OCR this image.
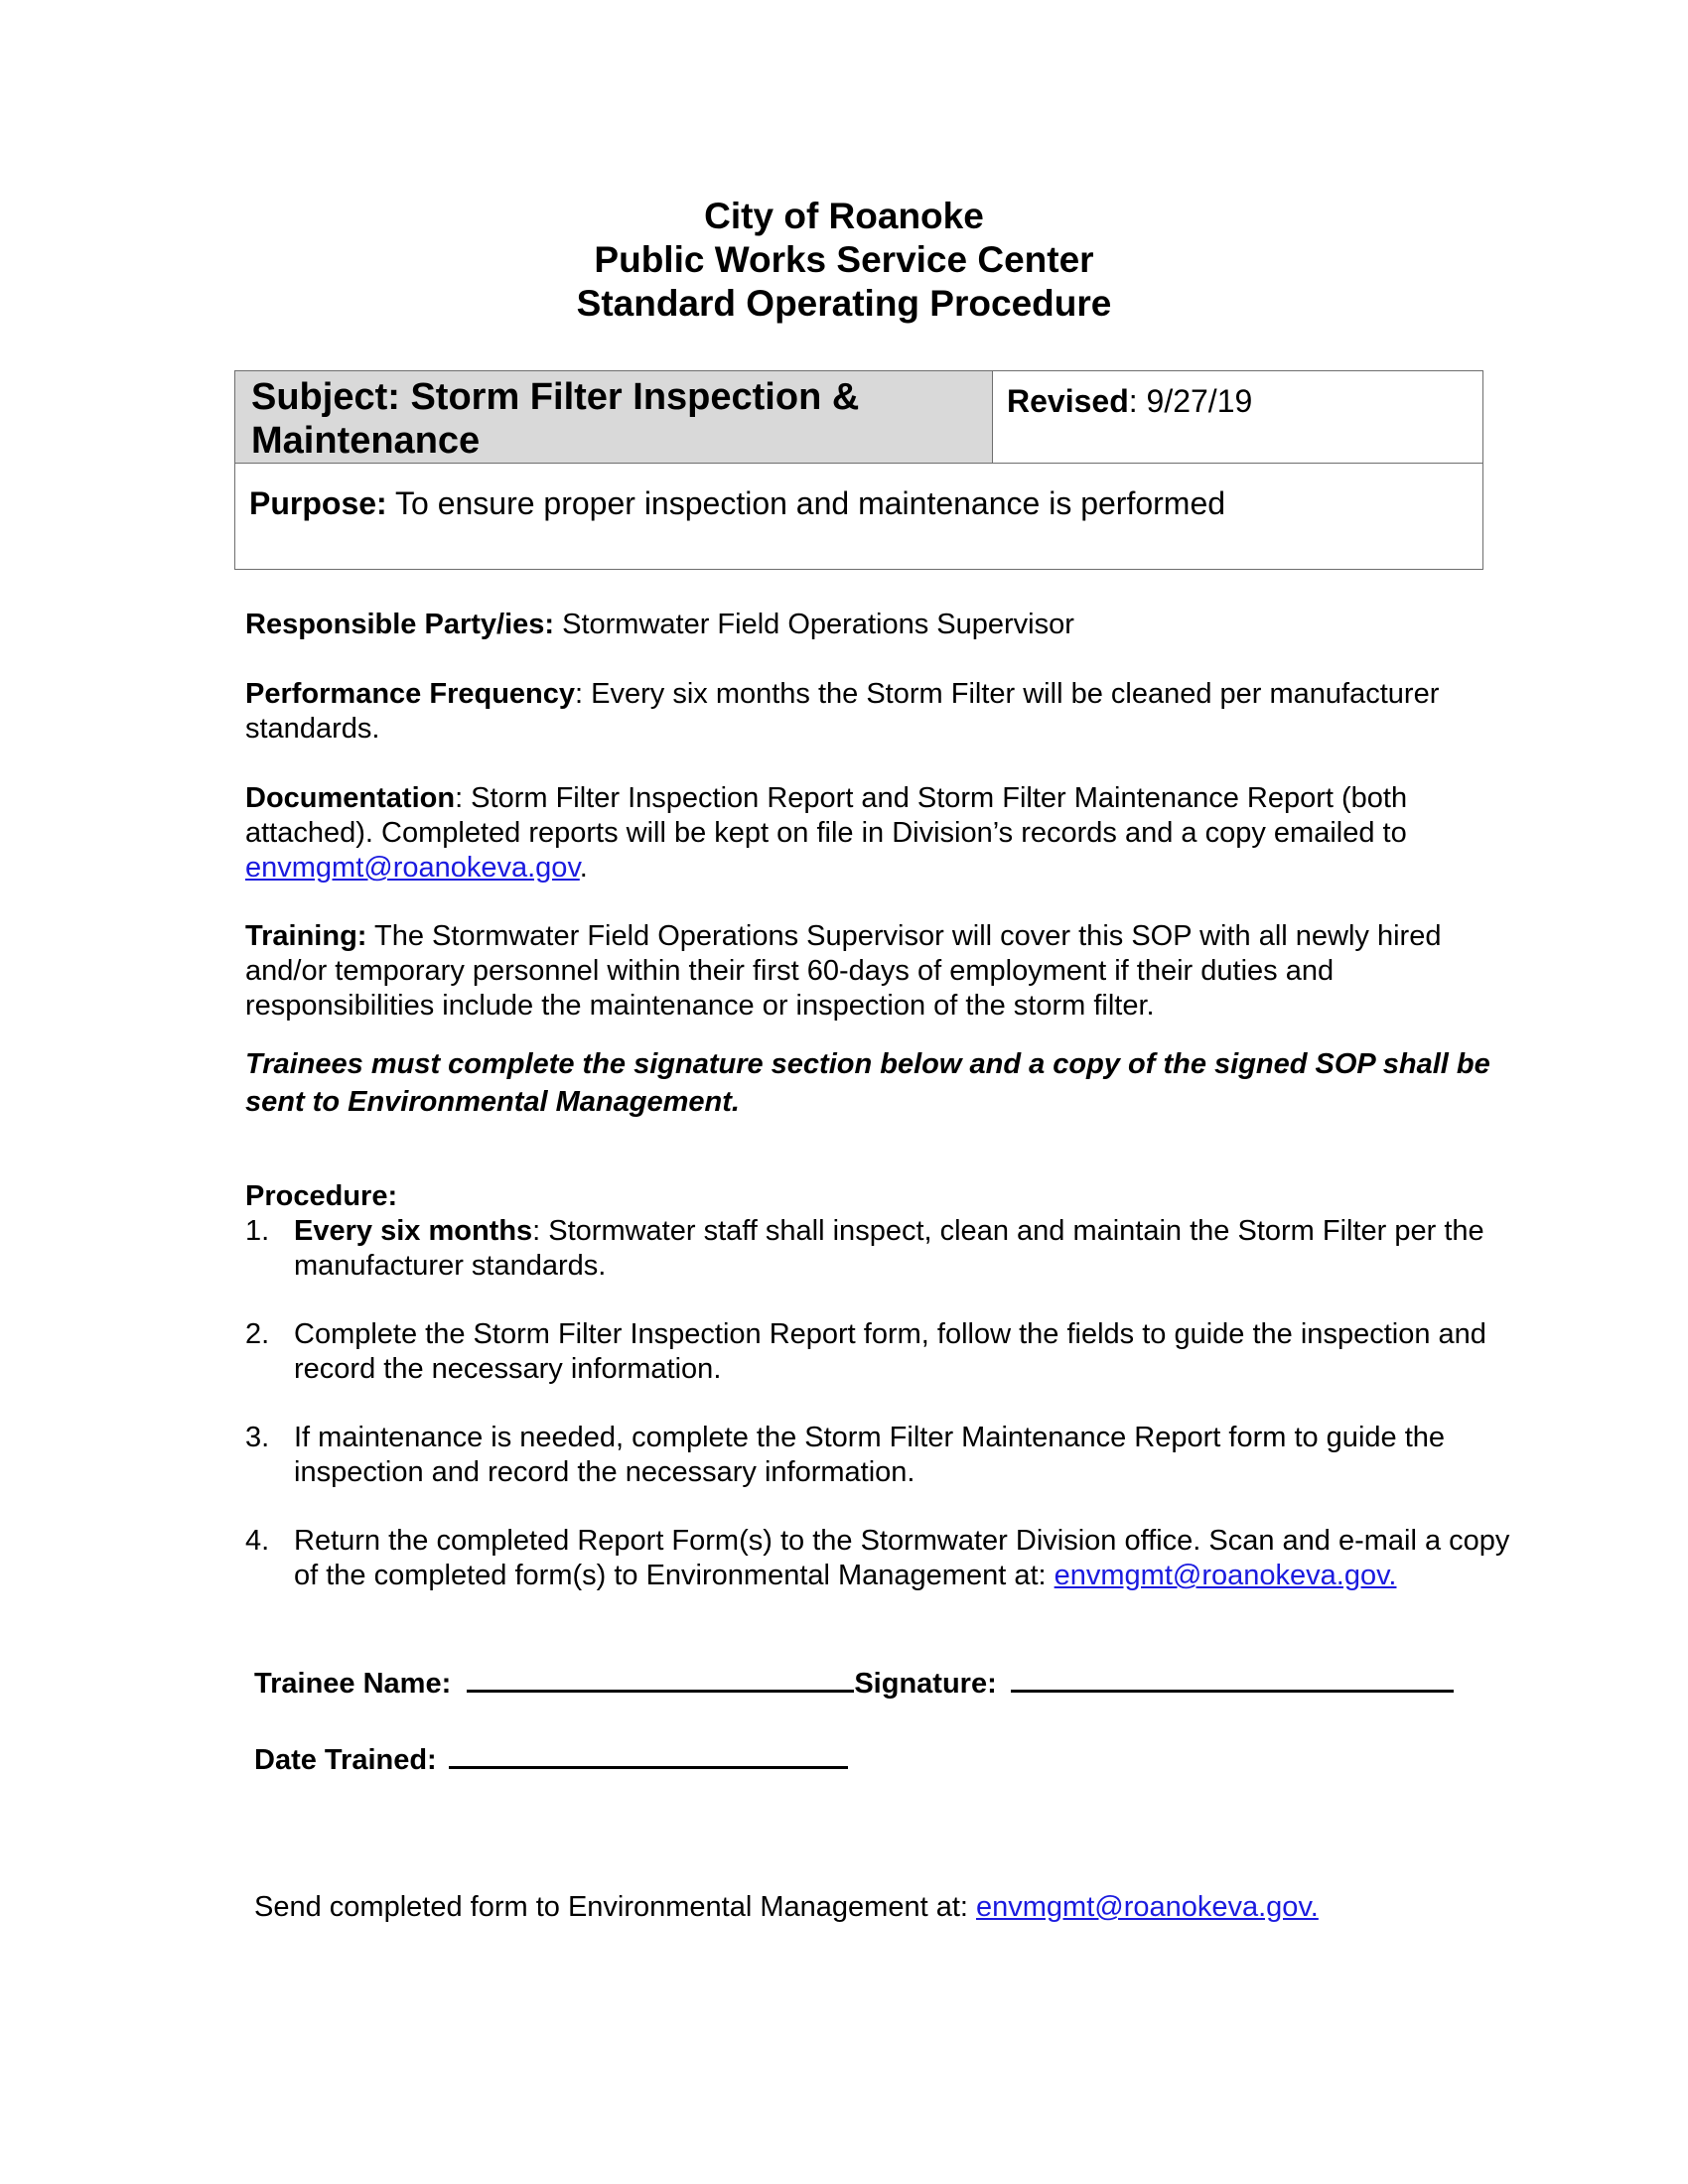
City of Roanoke
Public Works Service Center
Standard Operating Procedure
Subject: Storm Filter Inspection &
Maintenance
	Revised: 9/27/19
Purpose: To ensure proper inspection and maintenance is performed
Responsible Party/ies: Stormwater Field Operations Supervisor
Performance Frequency: Every six months the Storm Filter will be cleaned per manufacturer standards.
Documentation: Storm Filter Inspection Report and Storm Filter Maintenance Report (both attached). Completed reports will be kept on file in Division’s records and a copy emailed to envmgmt@roanokeva.gov.
Training: The Stormwater Field Operations Supervisor will cover this SOP with all newly hired and/or temporary personnel within their first 60-days of employment if their duties and responsibilities include the maintenance or inspection of the storm filter.
Trainees must complete the signature section below and a copy of the signed SOP shall be sent to Environmental Management.
Procedure:
1. Every six months: Stormwater staff shall inspect, clean and maintain the Storm Filter per the manufacturer standards.
2. Complete the Storm Filter Inspection Report form, follow the fields to guide the inspection and record the necessary information.
3. If maintenance is needed, complete the Storm Filter Maintenance Report form to guide the inspection and record the necessary information.
4. Return the completed Report Form(s) to the Stormwater Division office. Scan and e-mail a copy of the completed form(s) to Environmental Management at: envmgmt@roanokeva.gov.
Trainee Name:	Signature:
Date Trained:
Send completed form to Environmental Management at: envmgmt@roanokeva.gov.
